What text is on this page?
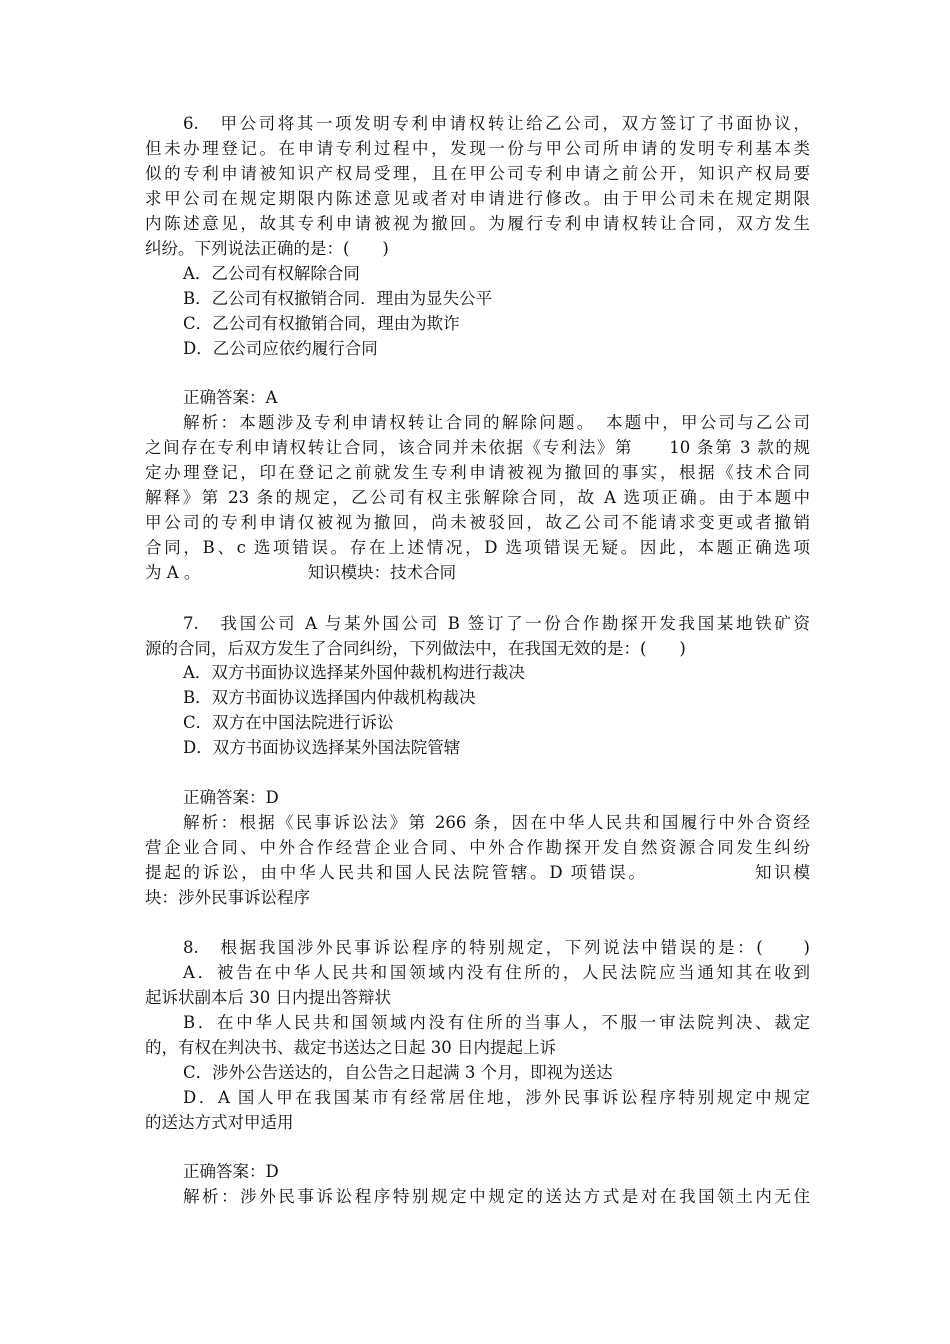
6.　甲公司将其一项发明专利申请权转让给乙公司，双方签订了书面协议，
但未办理登记。在申请专利过程中，发现一份与甲公司所申请的发明专利基本类
似的专利申请被知识产权局受理，且在甲公司专利申请之前公开，知识产权局要
求甲公司在规定期限内陈述意见或者对申请进行修改。由于甲公司未在规定期限
内陈述意见，故其专利申请被视为撤回。为履行专利申请权转让合同，双方发生
纠纷。下列说法正确的是：(　　)
A．乙公司有权解除合同
B．乙公司有权撤销合同．理由为显失公平
C．乙公司有权撤销合同，理由为欺诈
D．乙公司应依约履行合同
正确答案：A
解析：本题涉及专利申请权转让合同的解除问题。　本题中，甲公司与乙公司
之间存在专利申请权转让合同，该合同并未依据《专利法》第　　10 条第 3 款的规
定办理登记，印在登记之前就发生专利申请被视为撤回的事实，根据《技术合同
解释》第 23 条的规定，乙公司有权主张解除合同，故 A 选项正确。由于本题中
甲公司的专利申请仅被视为撤回，尚未被驳回，故乙公司不能请求变更或者撤销
合同，B、c 选项错误。存在上述情况，D 选项错误无疑。因此，本题正确选项
为 A 。　　　　　　　知识模块：技术合同
7.　我国公司 A 与某外国公司 B 签订了一份合作勘探开发我国某地铁矿资
源的合同，后双方发生了合同纠纷，下列做法中，在我国无效的是：(　　)
A．双方书面协议选择某外国仲裁机构进行裁决
B．双方书面协议选择国内仲裁机构裁决
C．双方在中国法院进行诉讼
D．双方书面协议选择某外国法院管辖
正确答案：D
解析：根据《民事诉讼法》第 266 条，因在中华人民共和国履行中外合资经
营企业合同、中外合作经营企业合同、中外合作勘探开发自然资源合同发生纠纷
提起的诉讼，由中华人民共和国人民法院管辖。D 项错误。　　　　　　知识模
块：涉外民事诉讼程序
8.　根据我国涉外民事诉讼程序的特别规定，下列说法中错误的是：(　　)
A．被告在中华人民共和国领域内没有住所的，人民法院应当通知其在收到
起诉状副本后 30 日内提出答辩状
B．在中华人民共和国领域内没有住所的当事人，不服一审法院判决、裁定
的，有权在判决书、裁定书送达之日起 30 日内提起上诉
C．涉外公告送达的，自公告之日起满 3 个月，即视为送达
D．A 国人甲在我国某市有经常居住地，涉外民事诉讼程序特别规定中规定
的送达方式对甲适用
正确答案：D
解析：涉外民事诉讼程序特别规定中规定的送达方式是对在我国领土内无住
